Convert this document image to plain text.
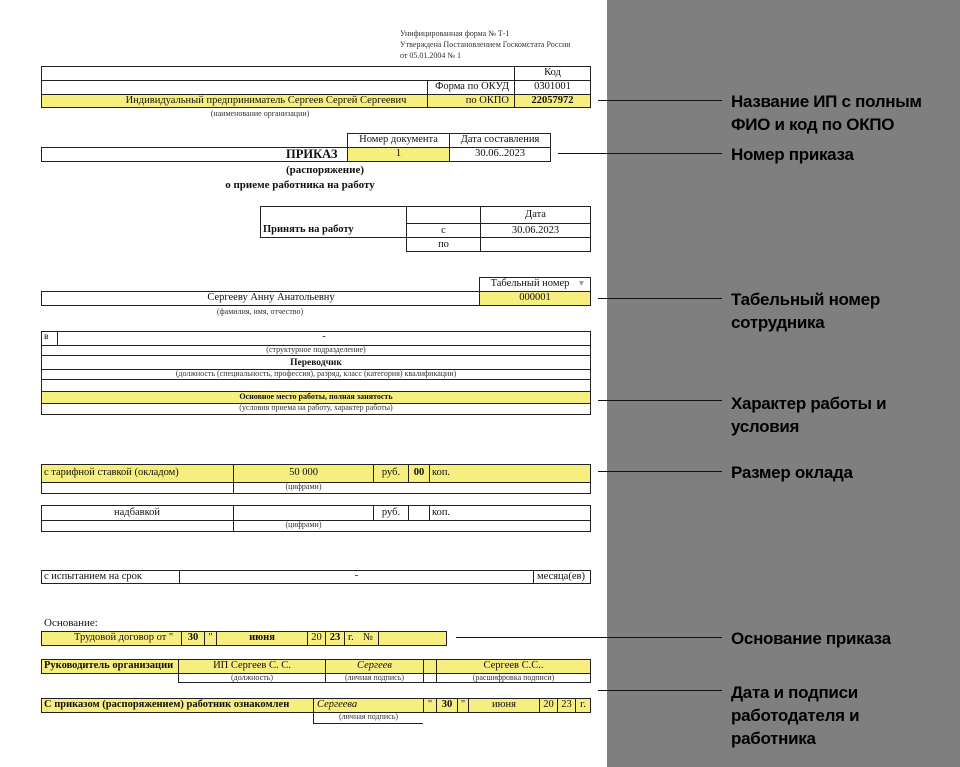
Унифицированная форма № Т-1
Утверждена Постановлением Госкомстата России
от 05.01.2004 № 1
Код
Форма по ОКУД	0301001
Индивидуальный предприниматель Сергеев Сергей Сергеевич	по ОКПО	22057972
(наименование организации)
Номер документа	Дата составления
ПРИКАЗ	1	30.06..2023
(распоряжение)
о приеме работника на работу
Дата
Принять на работу	с	30.06.2023
по
Табельный номер	▾
Сергееву Анну Анатольевну	000001
(фамилия, имя, отчество)
в	-
(структурное подразделение)
Переводчик
(должность (специальность, профессия), разряд, класс (категория) квалификации)
Основное место работы, полная занятость
(условия приема на работу, характер работы)
с тарифной ставкой (окладом)	50 000	руб.	00 коп.
(цифрами)
надбавкой	руб.	коп.
(цифрами)
с испытанием на срок	-	месяца(ев)
Основание:
Трудовой договор от "	30 "	июня	20 23 г. №
Руководитель организации	ИП Сергеев С. С.	Сергеев	Сергеев С.С..
(должность)	(личная подпись)	(расшифровка подписи)
С приказом (распоряжением) работник ознакомлен	Сергеева	" 30 "	июня	20 23 г.
(личная подпись)
Название ИП с полным ФИО и код по ОКПО
Номер приказа
Табельный номер сотрудника
Характер работы и условия
Размер оклада
Основание приказа
Дата и подписи работодателя и работника
